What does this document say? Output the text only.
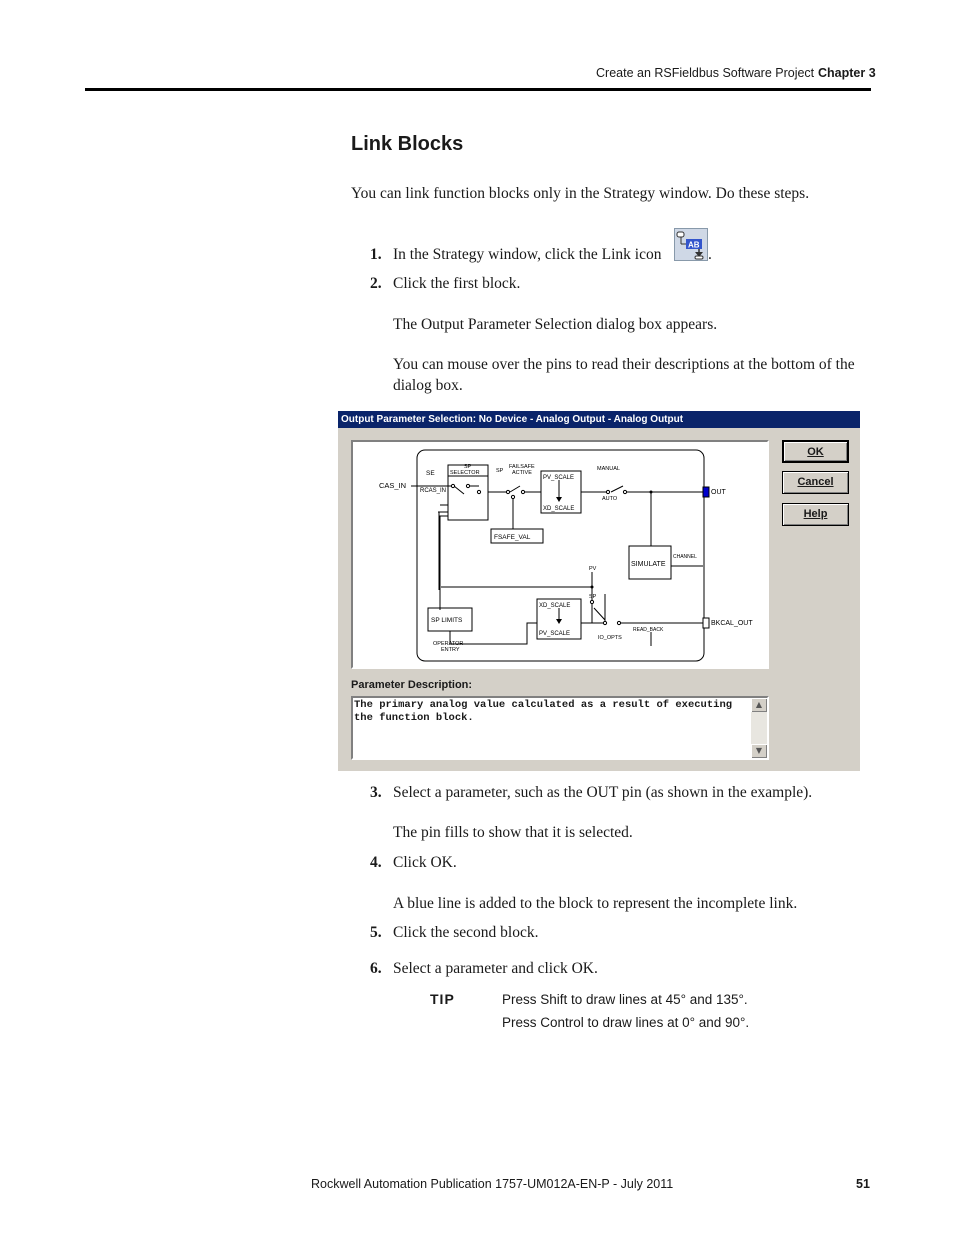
Create an RSFieldbus Software Project Chapter 3
Link Blocks
You can link function blocks only in the Strategy window. Do these steps.
1. In the Strategy window, click the Link icon
AB
.
2. Click the first block.
The Output Parameter Selection dialog box appears.
You can mouse over the pins to read their descriptions at the bottom of the
dialog box.
Output Parameter Selection: No Device - Analog Output - Analog Output
CAS_IN
SE
RCAS_IN
SP
SELECTOR	SP
FAILSAFE
ACTIVE
PV_SCALE
XD_SCALE
MANUAL
AUTO
OUT
FSAFE_VAL
SIMULATE
CHANNEL
PV
SP
SP LIMITS
OPERATOR
ENTRY
XD_SCALE
PV_SCALE
IO_OPTS
READ_BACK
BKCAL_OUT
OK
Cancel
Help
Parameter Description:
The primary analog value calculated as a result of executing the function block.
▲
▼
3. Select a parameter, such as the OUT pin (as shown in the example).
The pin fills to show that it is selected.
4. Click OK.
A blue line is added to the block to represent the incomplete link.
5. Click the second block.
6. Select a parameter and click OK.
TIP	Press Shift to draw lines at 45° and 135°.
Press Control to draw lines at 0° and 90°.
Rockwell Automation Publication 1757-UM012A-EN-P - July 2011	51
